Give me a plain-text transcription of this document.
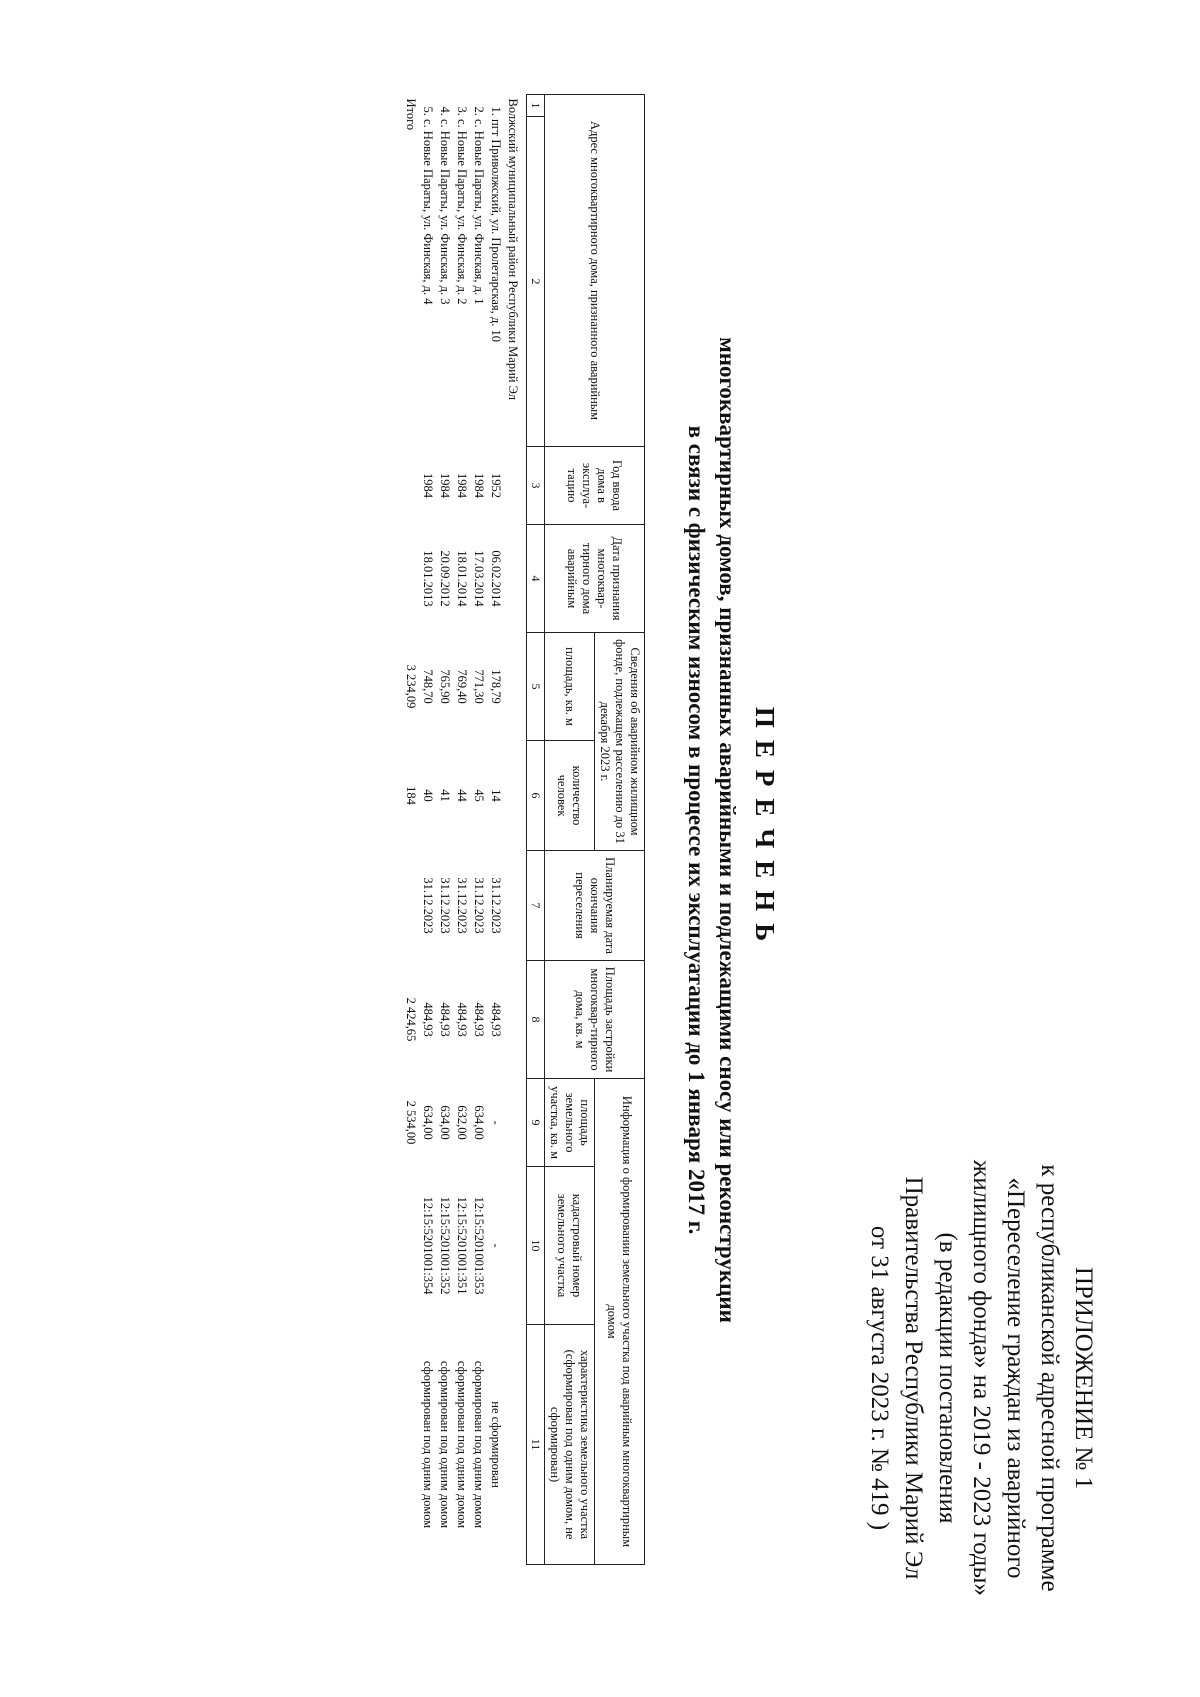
ПРИЛОЖЕНИЕ № 1
к республиканской адресной программе
«Переселение граждан из аварийного
жилищного фонда» на 2019 - 2023 годы»
(в редакции постановления
Правительства Республики Марий Эл
от 31 августа 2023 г. № 419 )
ПЕРЕЧЕНЬ
многоквартирных домов, признанных аварийными и подлежащими сносу или реконструкции
в связи с физическим износом в процессе их эксплуатации до 1 января 2017 г.
Адрес многоквартирного дома, признанного аварийным		Год ввода дома в эксплуа-тацию	Дата признания многоквар-тирного дома аварийным	Сведения об аварийном жилищном фонде, подлежащем расселению до 31 декабря 2023 г.		Планируемая дата окончания переселения	Площадь застройки многоквар-тирного дома, кв. м	Информация о формировании земельного участка под аварийным многоквартирным домом		
				площадь, кв. м	количество человек			площадь земельного участка, кв. м	кадастровый номер земельного участка	характеристика земельного участка (сформирован под одним домом, не сформирован)
1	2	3	4	5	6	7	8	9	10	11
Волжский муниципальный район Республики Марий Эл										
1. пгт Приволжский, ул. Пролетарская, д. 10		1952	06.02.2014	178,79	14	31.12.2023	484,93	-	-	не сформирован
2. с. Новые Параты, ул. Финская, д. 1		1984	17.03.2014	771,30	45	31.12.2023	484,93	634,00	12:15:5201001:353	сформирован под одним домом
3. с. Новые Параты, ул. Финская, д. 2		1984	18.01.2014	769,40	44	31.12.2023	484,93	632,00	12:15:5201001:351	сформирован под одним домом
4. с. Новые Параты, ул. Финская, д. 3		1984	20.09.2012	765,90	41	31.12.2023	484,93	634,00	12:15:5201001:352	сформирован под одним домом
5. с. Новые Параты, ул. Финская, д. 4		1984	18.01.2013	748,70	40	31.12.2023	484,93	634,00	12:15:5201001:354	сформирован под одним домом
Итого				3 234,09	184		2 424,65	2 534,00		
